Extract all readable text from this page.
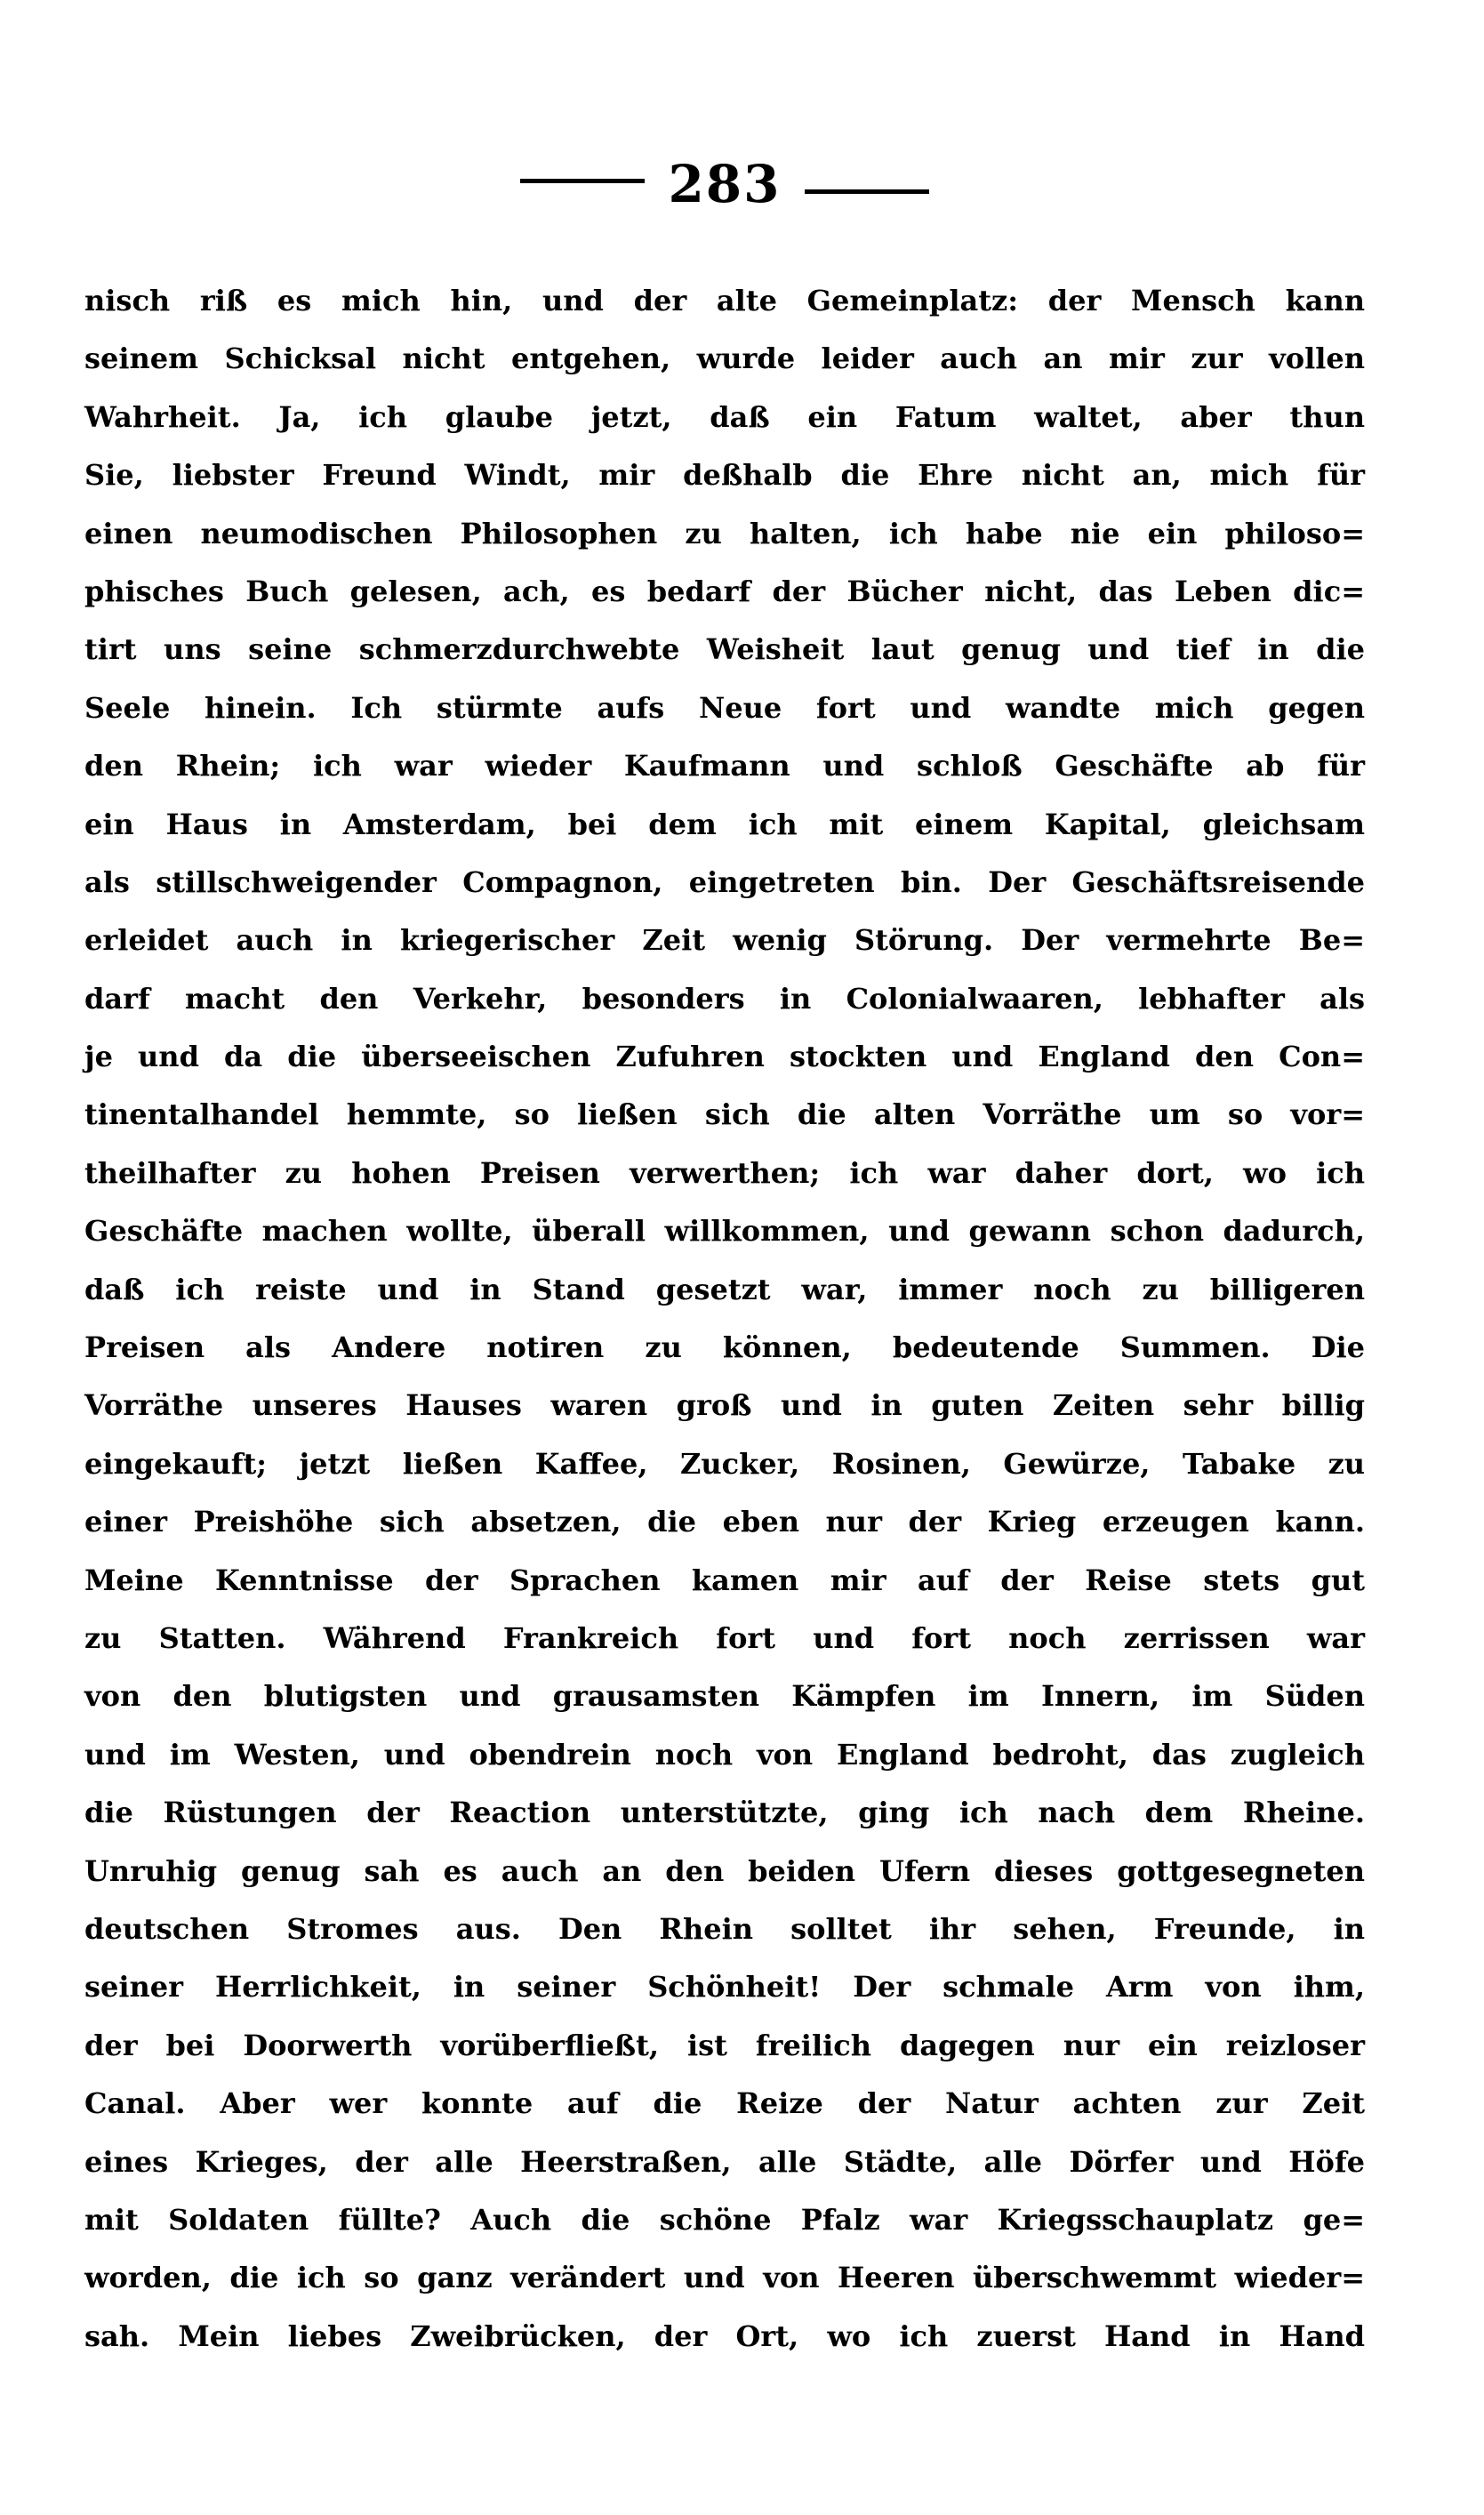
283
nisch riß es mich hin, und der alte Gemeinplatz: der Mensch kann
seinem Schicksal nicht entgehen, wurde leider auch an mir zur vollen
Wahrheit. Ja, ich glaube jetzt, daß ein Fatum waltet, aber thun
Sie, liebster Freund Windt, mir deßhalb die Ehre nicht an, mich für
einen neumodischen Philosophen zu halten, ich habe nie ein philoso=
phisches Buch gelesen, ach, es bedarf der Bücher nicht, das Leben dic=
tirt uns seine schmerzdurchwebte Weisheit laut genug und tief in die
Seele hinein. Ich stürmte aufs Neue fort und wandte mich gegen
den Rhein; ich war wieder Kaufmann und schloß Geschäfte ab für
ein Haus in Amsterdam, bei dem ich mit einem Kapital, gleichsam
als stillschweigender Compagnon, eingetreten bin. Der Geschäftsreisende
erleidet auch in kriegerischer Zeit wenig Störung. Der vermehrte Be=
darf macht den Verkehr, besonders in Colonialwaaren, lebhafter als
je und da die überseeischen Zufuhren stockten und England den Con=
tinentalhandel hemmte, so ließen sich die alten Vorräthe um so vor=
theilhafter zu hohen Preisen verwerthen; ich war daher dort, wo ich
Geschäfte machen wollte, überall willkommen, und gewann schon dadurch,
daß ich reiste und in Stand gesetzt war, immer noch zu billigeren
Preisen als Andere notiren zu können, bedeutende Summen. Die
Vorräthe unseres Hauses waren groß und in guten Zeiten sehr billig
eingekauft; jetzt ließen Kaffee, Zucker, Rosinen, Gewürze, Tabake zu
einer Preishöhe sich absetzen, die eben nur der Krieg erzeugen kann.
Meine Kenntnisse der Sprachen kamen mir auf der Reise stets gut
zu Statten. Während Frankreich fort und fort noch zerrissen war
von den blutigsten und grausamsten Kämpfen im Innern, im Süden
und im Westen, und obendrein noch von England bedroht, das zugleich
die Rüstungen der Reaction unterstützte, ging ich nach dem Rheine.
Unruhig genug sah es auch an den beiden Ufern dieses gottgesegneten
deutschen Stromes aus. Den Rhein solltet ihr sehen, Freunde, in
seiner Herrlichkeit, in seiner Schönheit! Der schmale Arm von ihm,
der bei Doorwerth vorüberfließt, ist freilich dagegen nur ein reizloser
Canal. Aber wer konnte auf die Reize der Natur achten zur Zeit
eines Krieges, der alle Heerstraßen, alle Städte, alle Dörfer und Höfe
mit Soldaten füllte? Auch die schöne Pfalz war Kriegsschauplatz ge=
worden, die ich so ganz verändert und von Heeren überschwemmt wieder=
sah. Mein liebes Zweibrücken, der Ort, wo ich zuerst Hand in Hand
